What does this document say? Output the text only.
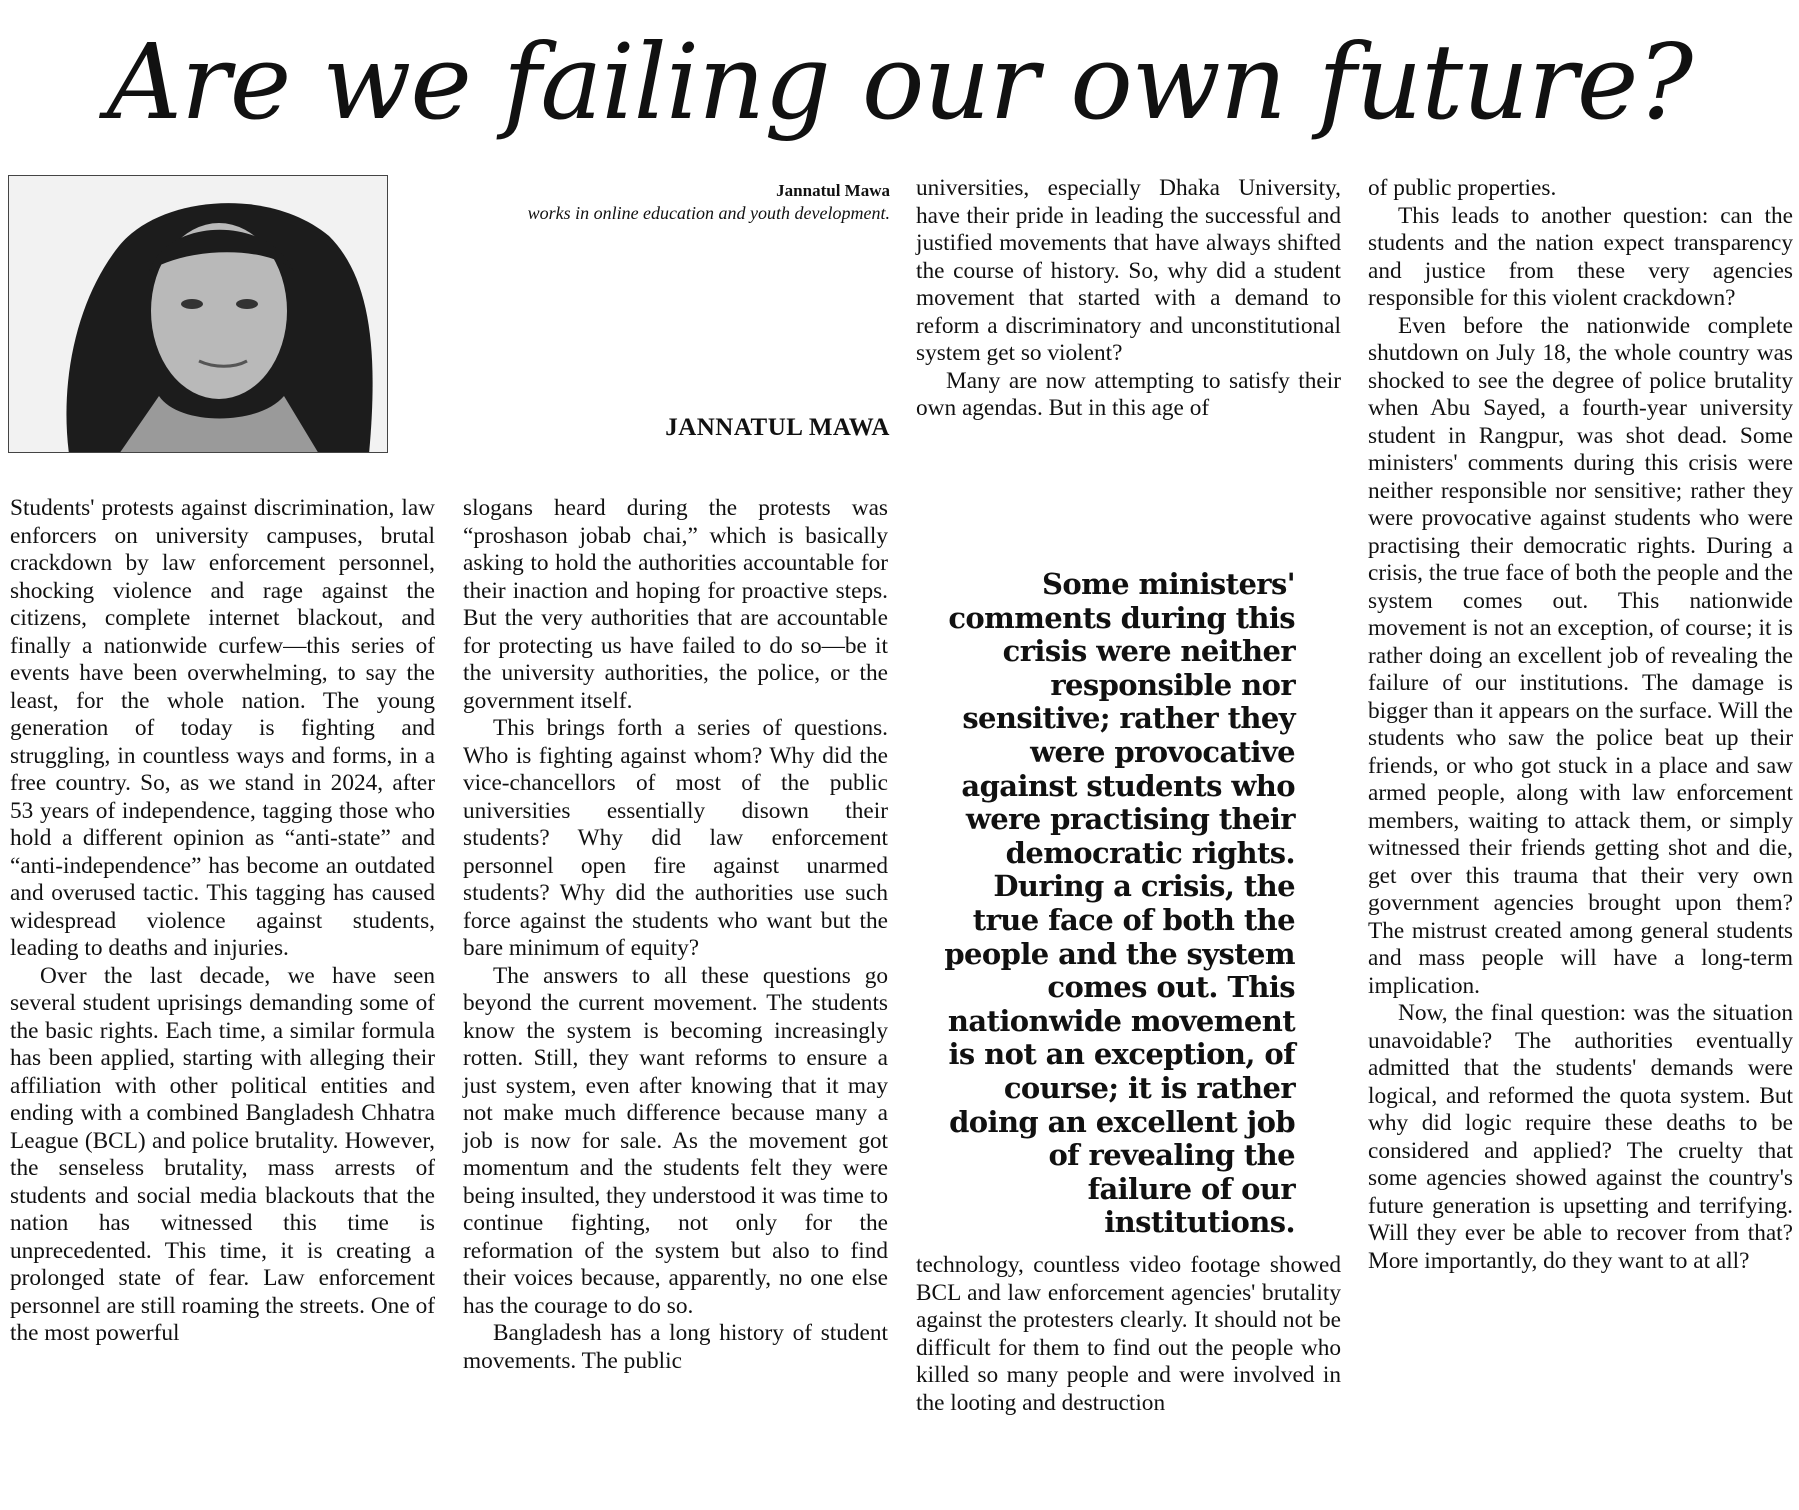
Are we failing our own future?
Jannatul Mawa
works in online education and youth development.
JANNATUL MAWA

Students' protests against discrimination, law enforcers on university campuses, brutal crackdown by law enforcement personnel, shocking violence and rage against the citizens, complete internet blackout, and finally a nationwide curfew—this series of events have been overwhelming, to say the least, for the whole nation. The young generation of today is fighting and struggling, in countless ways and forms, in a free country. So, as we stand in 2024, after 53 years of independence, tagging those who hold a different opinion as “anti-state” and “anti-independence” has become an outdated and overused tactic. This tagging has caused widespread violence against students, leading to deaths and injuries.

Over the last decade, we have seen several student uprisings demanding some of the basic rights. Each time, a similar formula has been applied, starting with alleging their affiliation with other political entities and ending with a combined Bangladesh Chhatra League (BCL) and police brutality. However, the senseless brutality, mass arrests of students and social media blackouts that the nation has witnessed this time is unprecedented. This time, it is creating a prolonged state of fear. Law enforcement personnel are still roaming the streets. One of the most powerful

slogans heard during the protests was “proshason jobab chai,” which is basically asking to hold the authorities accountable for their inaction and hoping for proactive steps. But the very authorities that are accountable for protecting us have failed to do so—be it the university authorities, the police, or the government itself.

This brings forth a series of questions. Who is fighting against whom? Why did the vice-chancellors of most of the public universities essentially disown their students? Why did law enforcement personnel open fire against unarmed students? Why did the authorities use such force against the students who want but the bare minimum of equity?

The answers to all these questions go beyond the current movement. The students know the system is becoming increasingly rotten. Still, they want reforms to ensure a just system, even after knowing that it may not make much difference because many a job is now for sale. As the movement got momentum and the students felt they were being insulted, they understood it was time to continue fighting, not only for the reformation of the system but also to find their voices because, apparently, no one else has the courage to do so.

Bangladesh has a long history of student movements. The public

universities, especially Dhaka University, have their pride in leading the successful and justified movements that have always shifted the course of history. So, why did a student movement that started with a demand to reform a discriminatory and unconstitutional system get so violent?

Many are now attempting to satisfy their own agendas. But in this age of

Some ministers' comments during this crisis were neither responsible nor sensitive; rather they were provocative against students who were practising their democratic rights. During a crisis, the true face of both the people and the system comes out. This nationwide movement is not an exception, of course; it is rather doing an excellent job of revealing the failure of our institutions.

technology, countless video footage showed BCL and law enforcement agencies' brutality against the protesters clearly. It should not be difficult for them to find out the people who killed so many people and were involved in the looting and destruction

of public properties.

This leads to another question: can the students and the nation expect transparency and justice from these very agencies responsible for this violent crackdown?

Even before the nationwide complete shutdown on July 18, the whole country was shocked to see the degree of police brutality when Abu Sayed, a fourth-year university student in Rangpur, was shot dead. Some ministers' comments during this crisis were neither responsible nor sensitive; rather they were provocative against students who were practising their democratic rights. During a crisis, the true face of both the people and the system comes out. This nationwide movement is not an exception, of course; it is rather doing an excellent job of revealing the failure of our institutions. The damage is bigger than it appears on the surface. Will the students who saw the police beat up their friends, or who got stuck in a place and saw armed people, along with law enforcement members, waiting to attack them, or simply witnessed their friends getting shot and die, get over this trauma that their very own government agencies brought upon them? The mistrust created among general students and mass people will have a long-term implication.

Now, the final question: was the situation unavoidable? The authorities eventually admitted that the students' demands were logical, and reformed the quota system. But why did logic require these deaths to be considered and applied? The cruelty that some agencies showed against the country's future generation is upsetting and terrifying. Will they ever be able to recover from that? More importantly, do they want to at all?
